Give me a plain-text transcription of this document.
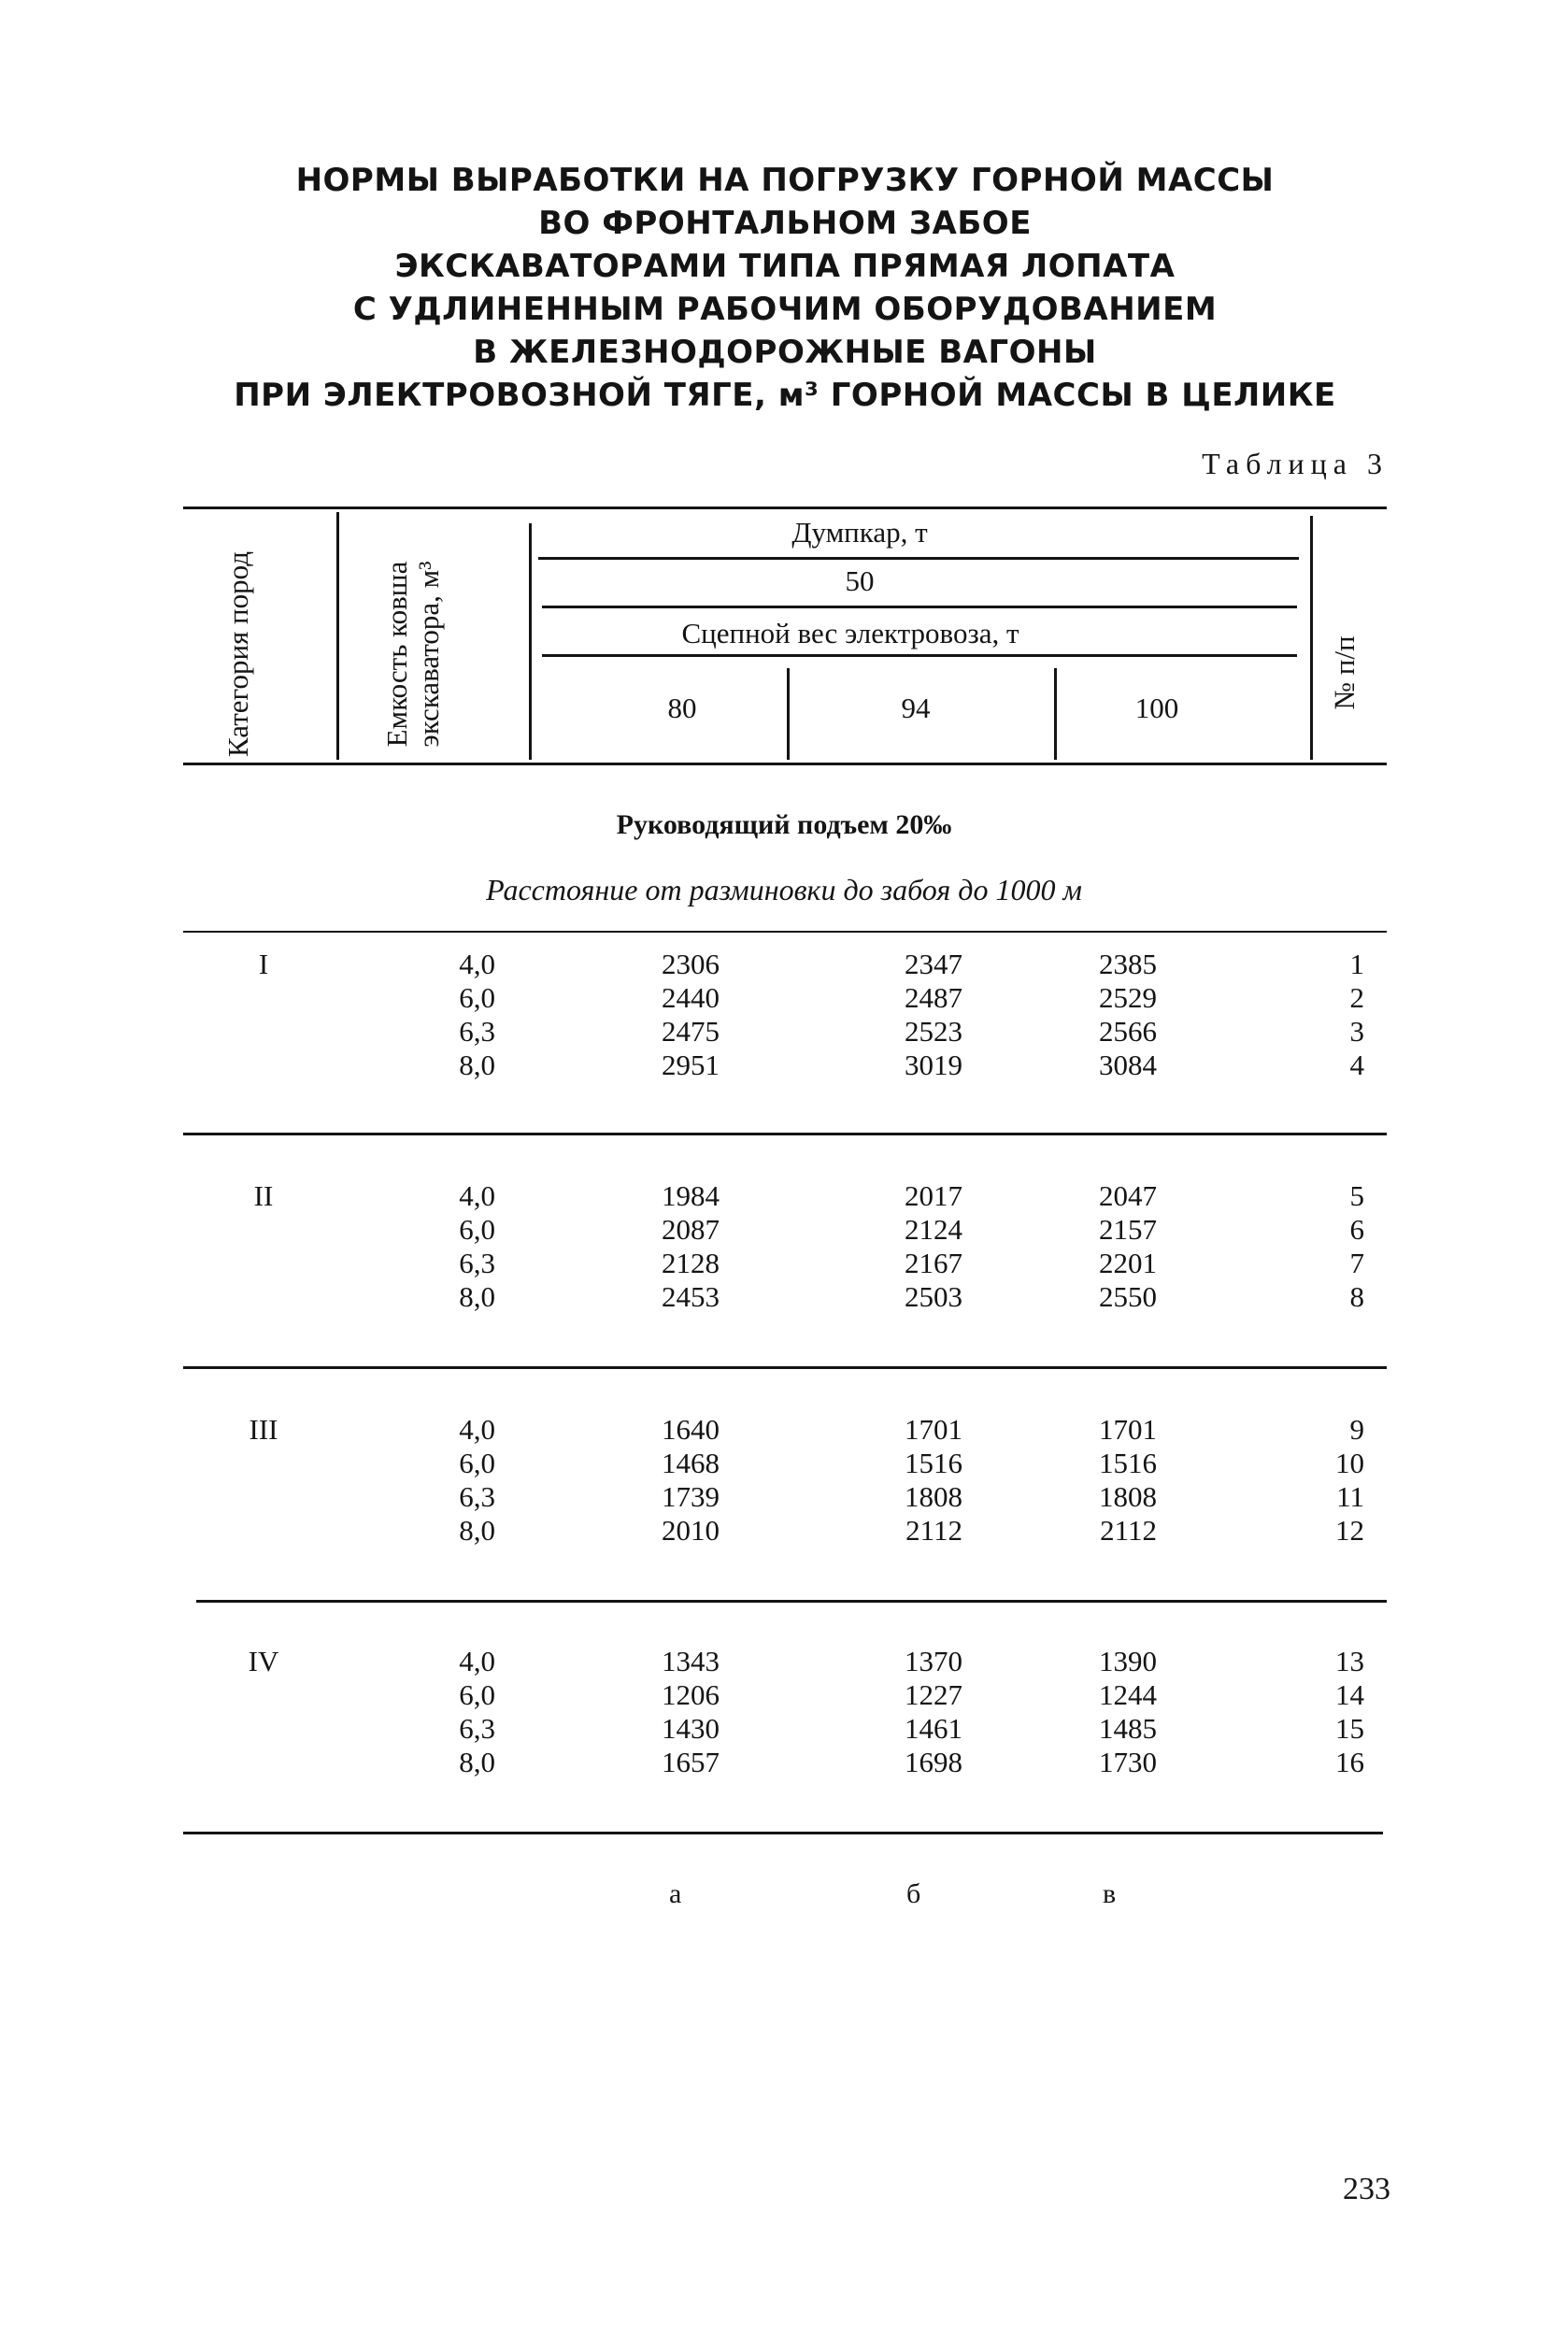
НОРМЫ ВЫРАБОТКИ НА ПОГРУЗКУ ГОРНОЙ МАССЫ
ВО ФРОНТАЛЬНОМ ЗАБОЕ
ЭКСКАВАТОРАМИ ТИПА ПРЯМАЯ ЛОПАТА
С УДЛИНЕННЫМ РАБОЧИМ ОБОРУДОВАНИЕМ
В ЖЕЛЕЗНОДОРОЖНЫЕ ВАГОНЫ
ПРИ ЭЛЕКТРОВОЗНОЙ ТЯГЕ, м³ ГОРНОЙ МАССЫ В ЦЕЛИКЕ
Таблица 3
Категория пород	Емкость ковша экскаватора, м³	№ п/п
Думпкар, т
50
Сцепной вес электровоза, т
80	94	100
Руководящий подъем 20‰
Расстояние от разминовки до забоя до 1000 м
I	4,0	2306	2347	2385	1
6,0	2440	2487	2529	2
6,3	2475	2523	2566	3
8,0	2951	3019	3084	4
II	4,0	1984	2017	2047	5
6,0	2087	2124	2157	6
6,3	2128	2167	2201	7
8,0	2453	2503	2550	8
III	4,0	1640	1701	1701	9
6,0	1468	1516	1516	10
6,3	1739	1808	1808	11
8,0	2010	2112	2112	12
IV	4,0	1343	1370	1390	13
6,0	1206	1227	1244	14
6,3	1430	1461	1485	15
8,0	1657	1698	1730	16
а	б	в
233
